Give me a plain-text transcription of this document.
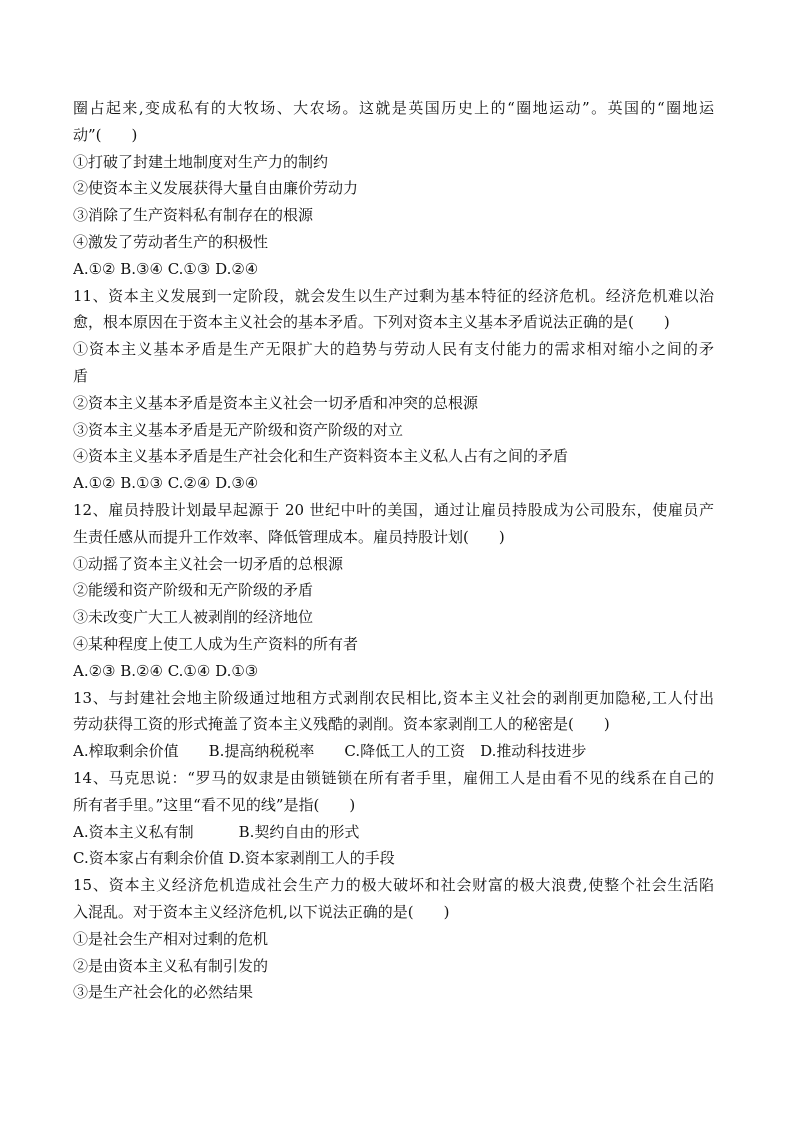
圈占起来,变成私有的大牧场、大农场。这就是英国历史上的“圈地运动”。英国的“圈地运
动”(　　)
①打破了封建土地制度对生产力的制约
②使资本主义发展获得大量自由廉价劳动力
③消除了生产资料私有制存在的根源
④激发了劳动者生产的积极性
A.①② B.③④ C.①③ D.②④
11、资本主义发展到一定阶段，就会发生以生产过剩为基本特征的经济危机。经济危机难以治
愈，根本原因在于资本主义社会的基本矛盾。下列对资本主义基本矛盾说法正确的是(　　)
①资本主义基本矛盾是生产无限扩大的趋势与劳动人民有支付能力的需求相对缩小之间的矛
盾
②资本主义基本矛盾是资本主义社会一切矛盾和冲突的总根源
③资本主义基本矛盾是无产阶级和资产阶级的对立
④资本主义基本矛盾是生产社会化和生产资料资本主义私人占有之间的矛盾
A.①② B.①③ C.②④ D.③④
12、雇员持股计划最早起源于 20 世纪中叶的美国，通过让雇员持股成为公司股东，使雇员产
生责任感从而提升工作效率、降低管理成本。雇员持股计划(　　)
①动摇了资本主义社会一切矛盾的总根源
②能缓和资产阶级和无产阶级的矛盾
③未改变广大工人被剥削的经济地位
④某种程度上使工人成为生产资料的所有者
A.②③ B.②④ C.①④ D.①③
13、与封建社会地主阶级通过地租方式剥削农民相比,资本主义社会的剥削更加隐秘,工人付出
劳动获得工资的形式掩盖了资本主义残酷的剥削。资本家剥削工人的秘密是(　　)
A.榨取剩余价值　　B.提高纳税税率　　C.降低工人的工资　D.推动科技进步
14、马克思说：“罗马的奴隶是由锁链锁在所有者手里，雇佣工人是由看不见的线系在自己的
所有者手里。”这里“看不见的线”是指(　　)
A.资本主义私有制　　　B.契约自由的形式
C.资本家占有剩余价值 D.资本家剥削工人的手段
15、资本主义经济危机造成社会生产力的极大破坏和社会财富的极大浪费,使整个社会生活陷
入混乱。对于资本主义经济危机,以下说法正确的是(　　)
①是社会生产相对过剩的危机
②是由资本主义私有制引发的
③是生产社会化的必然结果
